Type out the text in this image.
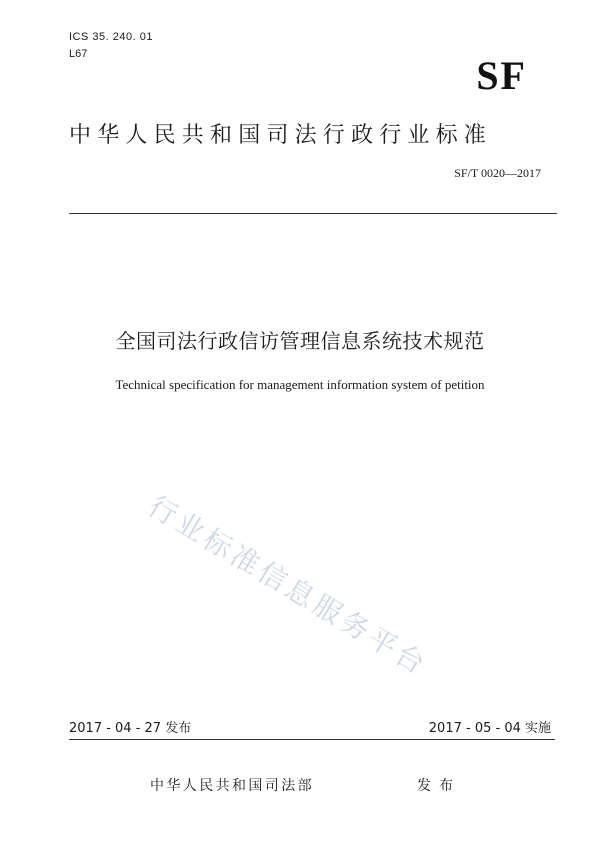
ICS 35. 240. 01
L67	SF
中华人民共和国司法行政行业标准
SF/T 0020—2017
全国司法行政信访管理信息系统技术规范
Technical specification for management information system of petition
行业标准信息服务平台
2017 - 04 - 27 发布	2017 - 05 - 04 实施
中华人民共和国司法部	发布
